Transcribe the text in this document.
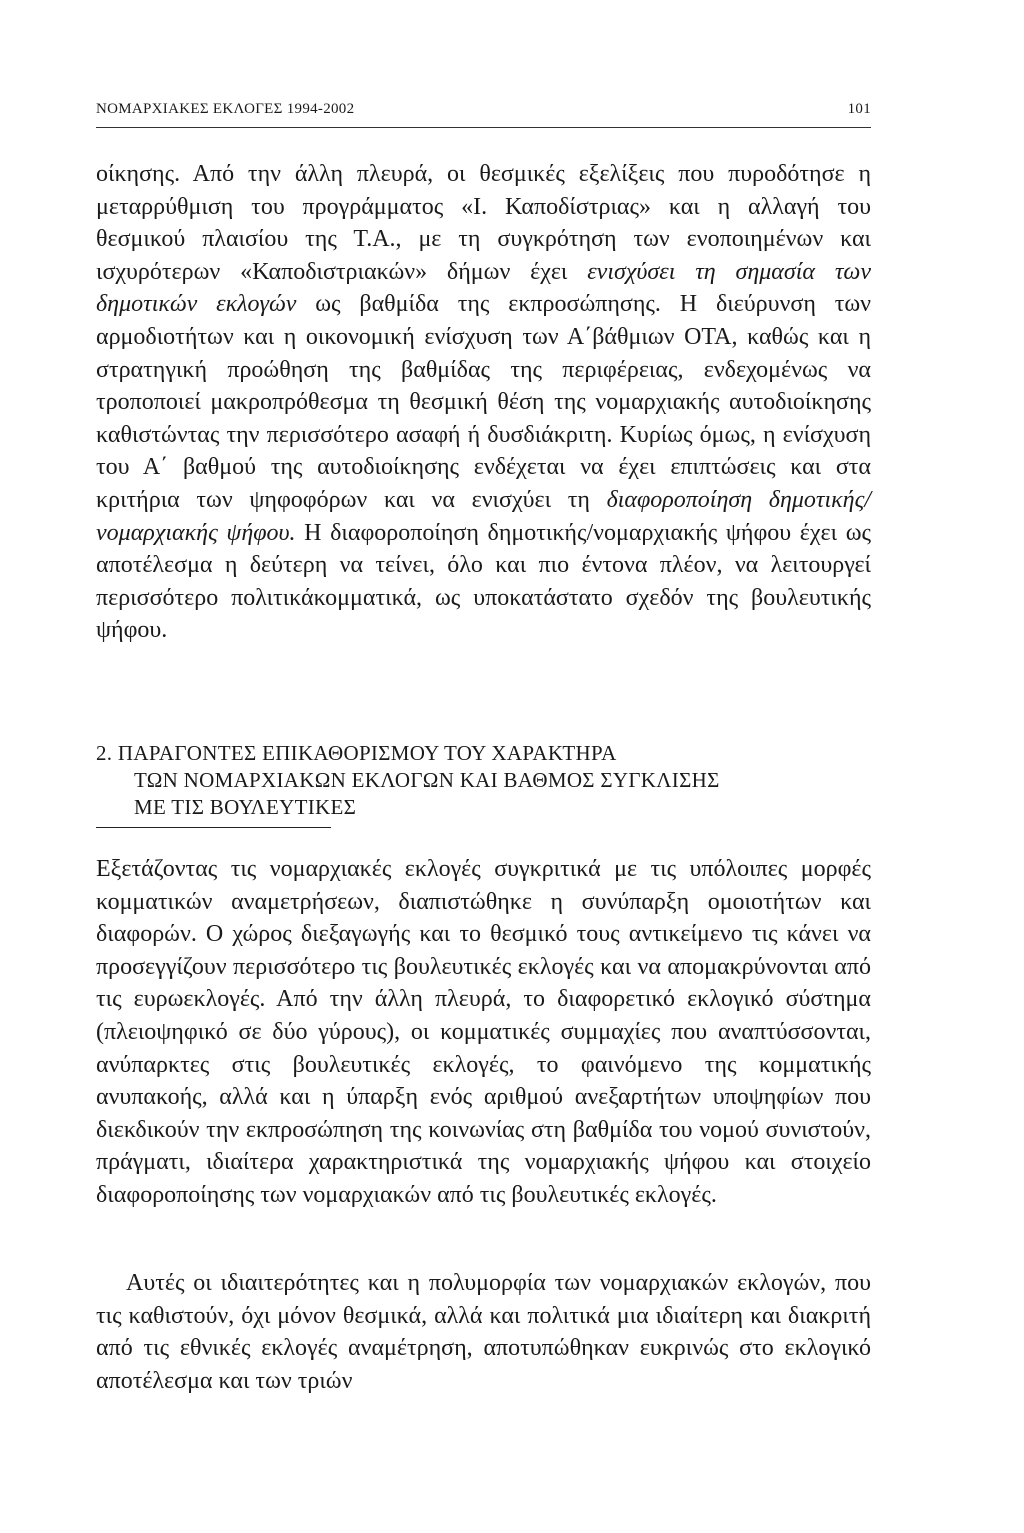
ΝΟΜΑΡΧΙΑΚΕΣ ΕΚΛΟΓΕΣ 1994-2002	101

οίκησης. Από την άλλη πλευρά, οι θεσμικές εξελίξεις που πυροδότησε η μεταρρύθμιση του προγράμματος «Ι. Καποδίστριας» και η αλλαγή του θεσμικού πλαισίου της Τ.Α., με τη συγκρότηση των ενοποιημένων και ισχυρότερων «Καποδιστριακών» δήμων έχει ενισχύσει τη σημασία των δημοτικών εκλογών ως βαθμίδα της εκπροσώπησης. Η διεύρυνση των αρμοδιοτήτων και η οικονομική ενίσχυση των Α΄βάθμιων ΟΤΑ, καθώς και η στρατηγική προώθηση της βαθμίδας της περιφέρειας, ενδεχομένως να τροποποιεί μακροπρόθεσμα τη θεσμική θέση της νομαρχιακής αυτοδιοίκησης καθιστώντας την περισσότερο ασαφή ή δυσδιάκριτη. Κυρίως όμως, η ενίσχυση του Α΄ βαθμού της αυτοδιοίκησης ενδέχεται να έχει επιπτώσεις και στα κριτήρια των ψηφοφόρων και να ενισχύει τη διαφοροποίηση δημοτικής/νομαρχιακής ψήφου. Η διαφοροποίηση δημοτικής/νομαρχιακής ψήφου έχει ως αποτέλεσμα η δεύτερη να τείνει, όλο και πιο έντονα πλέον, να λειτουργεί περισσότερο πολιτικάκομματικά, ως υποκατάστατο σχεδόν της βουλευτικής ψήφου.

2. ΠΑΡΑΓΟΝΤΕΣ ΕΠΙΚΑΘΟΡΙΣΜΟΥ ΤΟΥ ΧΑΡΑΚΤΗΡΑ
ΤΩΝ ΝΟΜΑΡΧΙΑΚΩΝ ΕΚΛΟΓΩΝ ΚΑΙ ΒΑΘΜΟΣ ΣΥΓΚΛΙΣΗΣ
ΜΕ ΤΙΣ ΒΟΥΛΕΥΤΙΚΕΣ

Εξετάζοντας τις νομαρχιακές εκλογές συγκριτικά με τις υπόλοιπες μορφές κομματικών αναμετρήσεων, διαπιστώθηκε η συνύπαρξη ομοιοτήτων και διαφορών. Ο χώρος διεξαγωγής και το θεσμικό τους αντικείμενο τις κάνει να προσεγγίζουν περισσότερο τις βουλευτικές εκλογές και να απομακρύνονται από τις ευρωεκλογές. Από την άλλη πλευρά, το διαφορετικό εκλογικό σύστημα (πλειοψηφικό σε δύο γύρους), οι κομματικές συμμαχίες που αναπτύσσονται, ανύπαρκτες στις βουλευτικές εκλογές, το φαινόμενο της κομματικής ανυπακοής, αλλά και η ύπαρξη ενός αριθμού ανεξαρτήτων υποψηφίων που διεκδικούν την εκπροσώπηση της κοινωνίας στη βαθμίδα του νομού συνιστούν, πράγματι, ιδιαίτερα χαρακτηριστικά της νομαρχιακής ψήφου και στοιχείο διαφοροποίησης των νομαρχιακών από τις βουλευτικές εκλογές.

Αυτές οι ιδιαιτερότητες και η πολυμορφία των νομαρχιακών εκλογών, που τις καθιστούν, όχι μόνον θεσμικά, αλλά και πολιτικά μια ιδιαίτερη και διακριτή από τις εθνικές εκλογές αναμέτρηση, αποτυπώθηκαν ευκρινώς στο εκλογικό αποτέλεσμα και των τριών
